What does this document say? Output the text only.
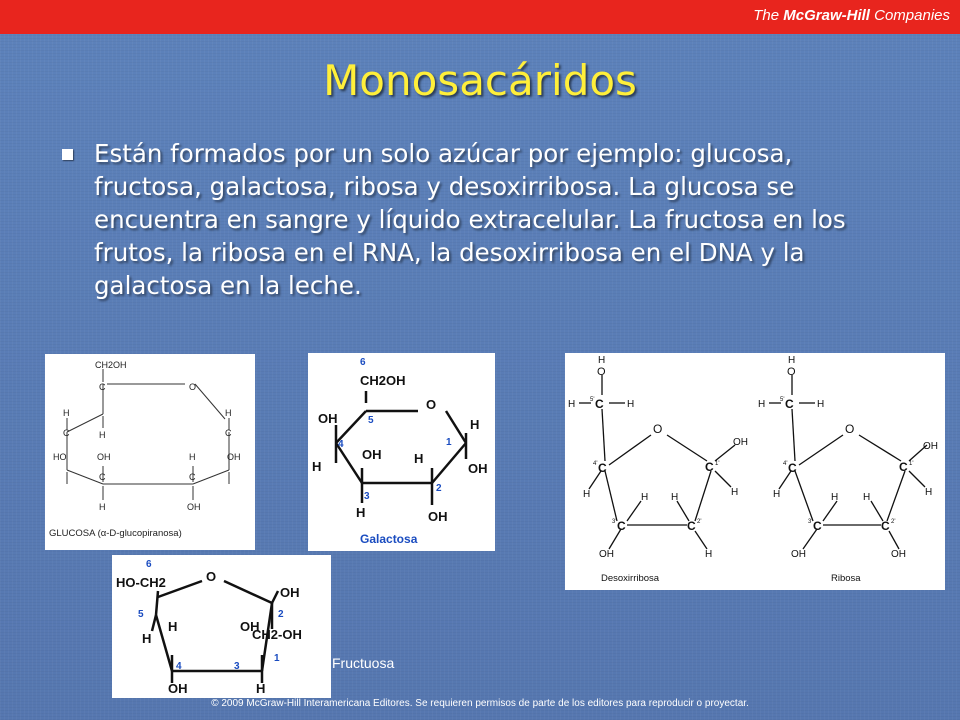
The McGraw-Hill Companies
Monosacáridos
Están formados por un solo azúcar por ejemplo: glucosa, fructosa, galactosa, ribosa y desoxirribosa. La glucosa se encuentra en sangre y líquido extracelular. La fructosa en los frutos, la ribosa en el RNA, la desoxirribosa en el DNA y la galactosa en la leche.
CH2OH
C	O
H
H
C
HO	OH
C
H
H
C
OH
H
C
OH
GLUCOSA (α-D-glucopiranosa)
CH2OH
O
OH
H
OH	H
H
OH
H	OH
1
2
3
4
5
6
Galactosa
H
O
H C
5'	H
O
C
4'	C 1'
OH
H
H
C
3'	C 2'
H H
OH	H
H
O
H C
5'	H
O
C
4'	C 1'
OH
H
H
C
3'	C 2'
H H
OH	OH
Desoxirribosa	Ribosa
HO-CH2	O
OH
CH2-OH
H
H	OH
OH	H
1
2
3
4
5
6
Fructuosa
© 2009 McGraw-Hill Interamericana Editores. Se requieren permisos de parte de los editores para reproducir o proyectar.
